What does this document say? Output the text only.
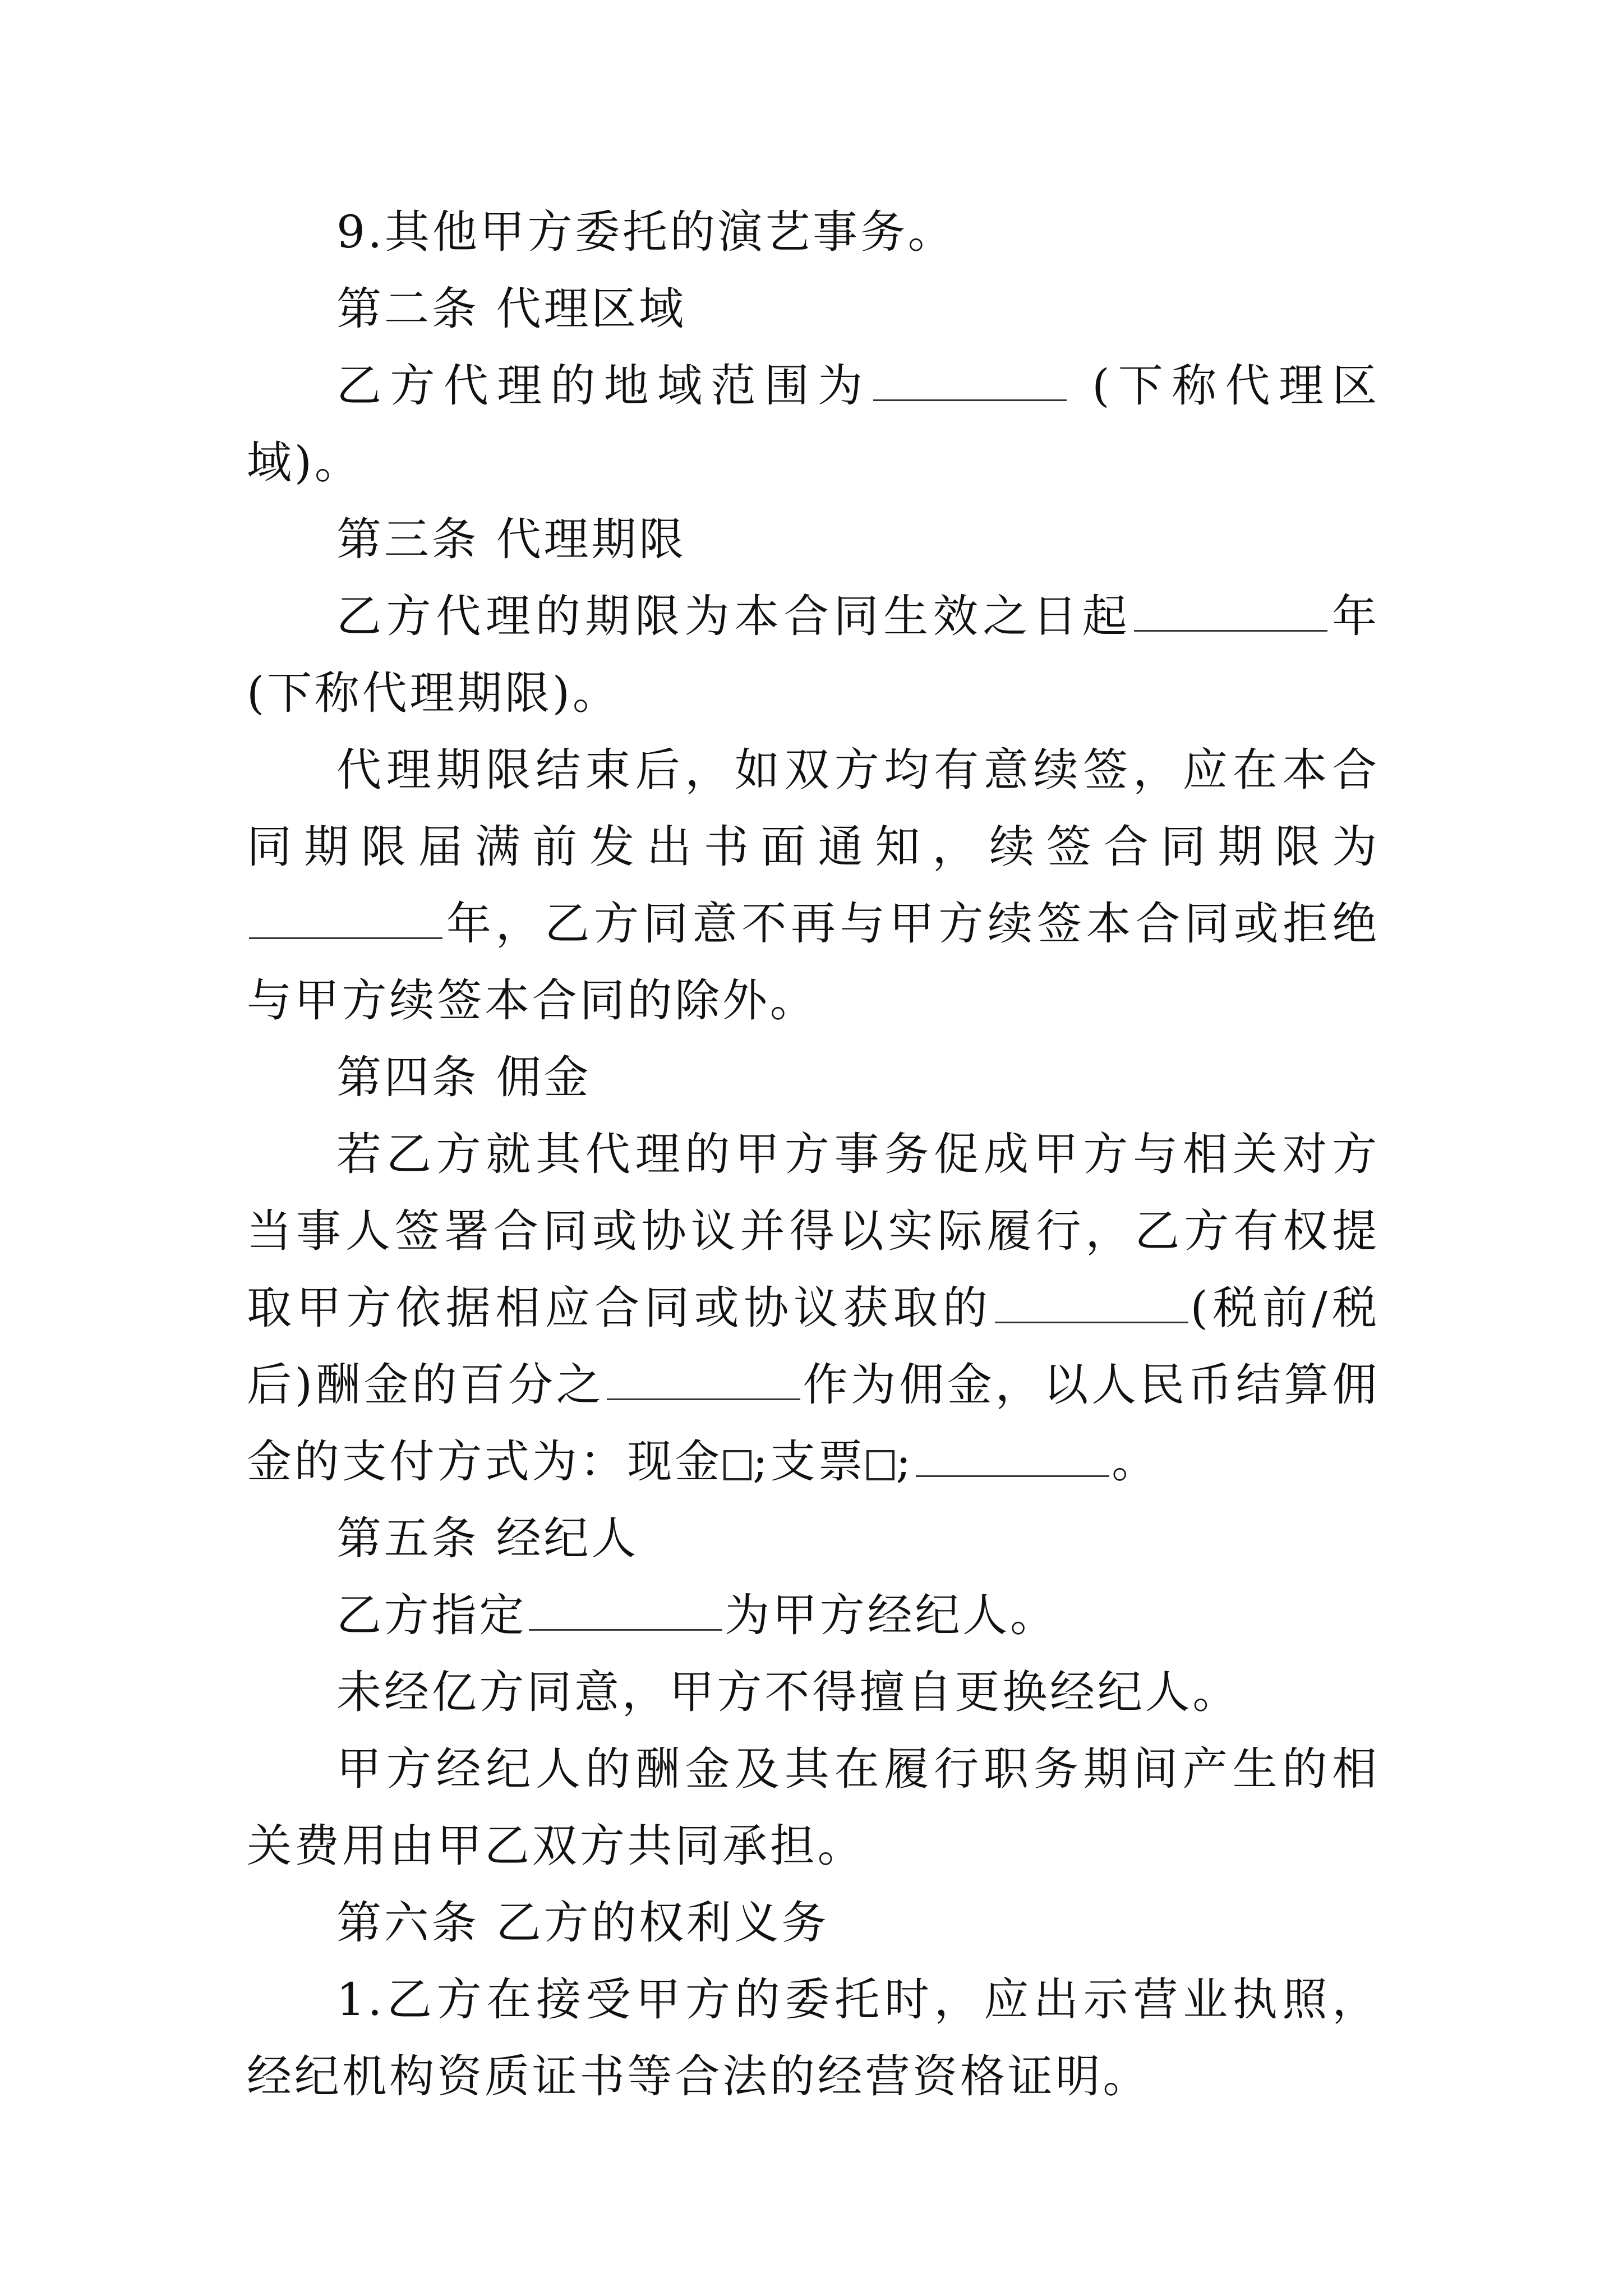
9.其他甲方委托的演艺事务。

第二条 代理区域

乙方代理的地域范围为	(下称代理区域)。

第三条 代理期限

乙方代理的期限为本合同生效之日起	年(下称代理期限)。

代理期限结束后，如双方均有意续签，应在本合同期限届满前发出书面通知，续签合同期限为年，乙方同意不再与甲方续签本合同或拒绝与甲方续签本合同的除外。

第四条 佣金

若乙方就其代理的甲方事务促成甲方与相关对方当事人签署合同或协议并得以实际履行，乙方有权提取甲方依据相应合同或协议获取的	(税前/税后)酬金的百分之	作为佣金，以人民币结算佣金的支付方式为：现金 ;支票 ;	。

第五条 经纪人

乙方指定	为甲方经纪人。

未经亿方同意，甲方不得擅自更换经纪人。

甲方经纪人的酬金及其在履行职务期间产生的相关费用由甲乙双方共同承担。

第六条 乙方的权利义务

1.乙方在接受甲方的委托时，应出示营业执照，经纪机构资质证书等合法的经营资格证明。
